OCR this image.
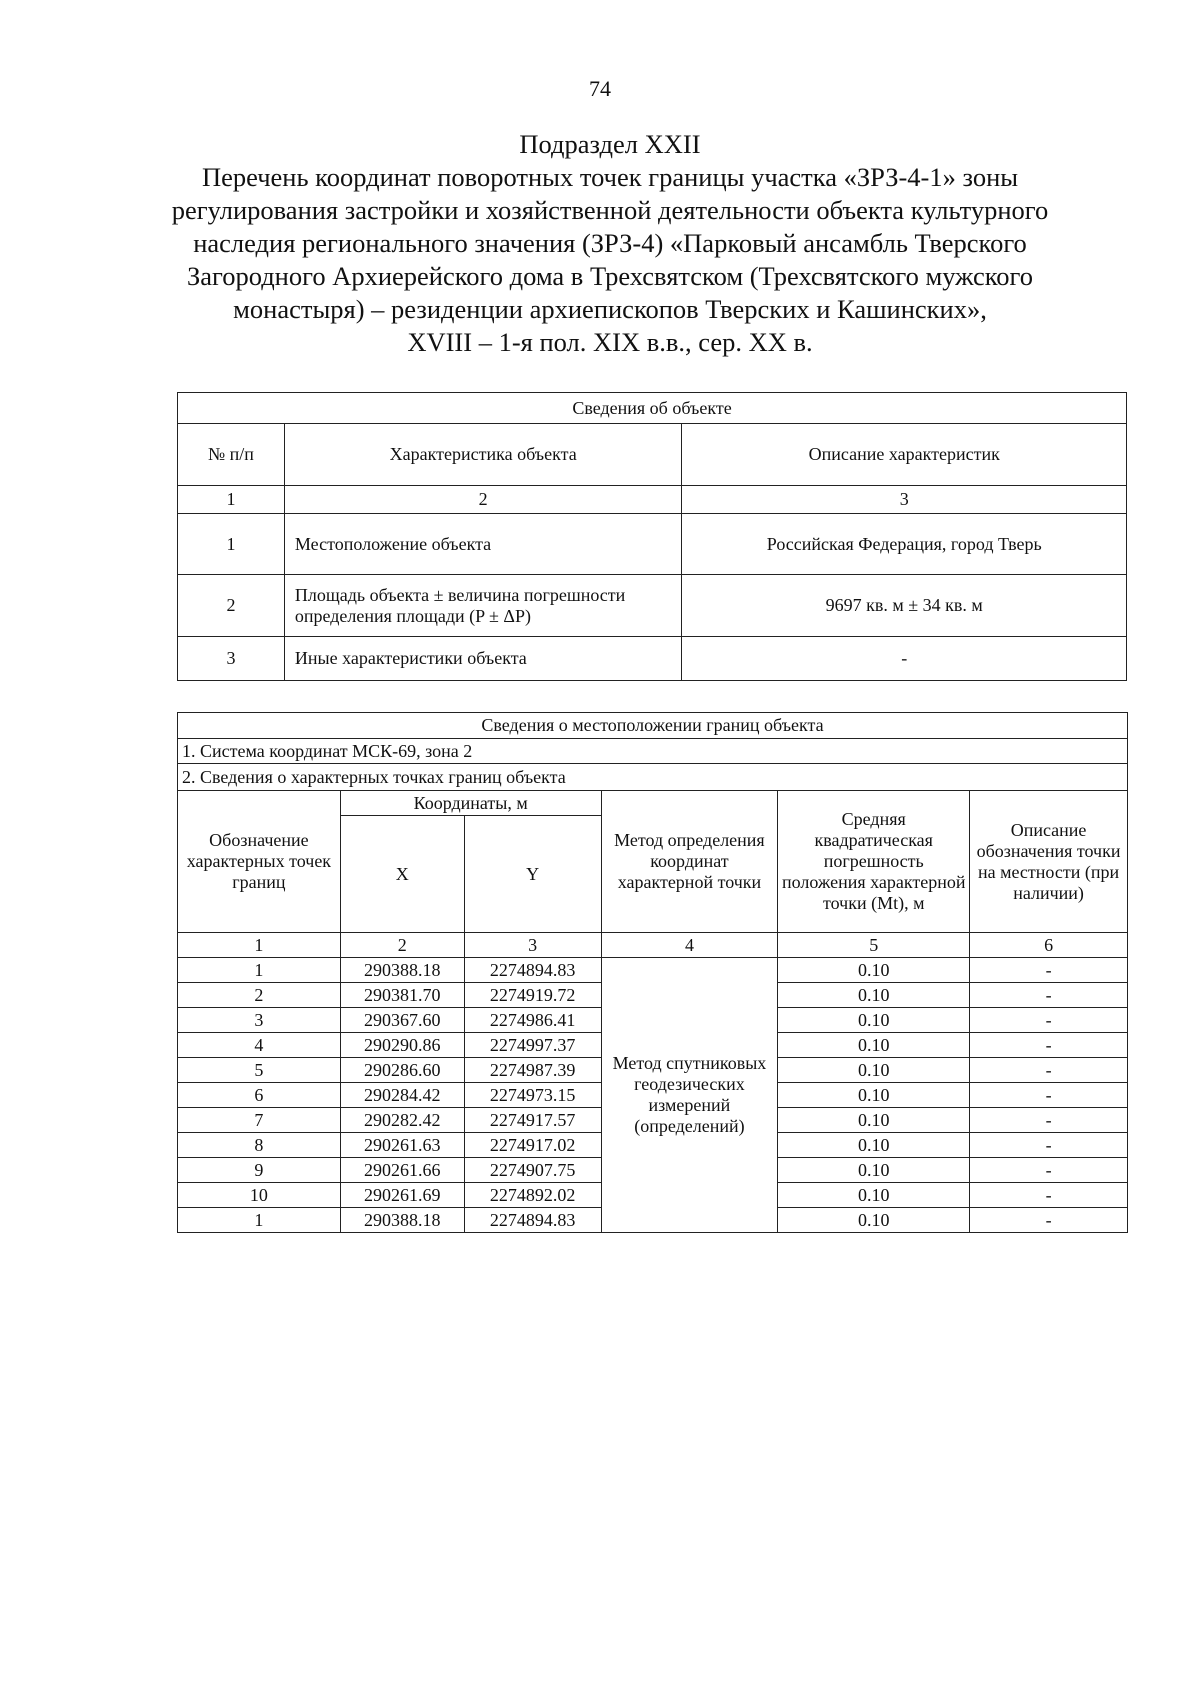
74
Подраздел XXII
Перечень координат поворотных точек границы участка «ЗРЗ-4-1» зоны
регулирования застройки и хозяйственной деятельности объекта культурного
наследия регионального значения (ЗРЗ-4) «Парковый ансамбль Тверского
Загородного Архиерейского дома в Трехсвятском (Трехсвятского мужского
монастыря) – резиденции архиепископов Тверских и Кашинских»,
XVIII – 1-я пол. XIX в.в., сер. XX в.
Сведения об объекте		
№ п/п	Характеристика объекта	Описание характеристик
1	2	3
1	Местоположение объекта	Российская Федерация, город Тверь
2	Площадь объекта ± величина погрешности определения площади (P ± ΔP)	9697 кв. м ± 34 кв. м
3	Иные характеристики объекта	-
Сведения о местоположении границ объекта					
1. Система координат МСК-69, зона 2					
2. Сведения о характерных точках границ объекта					
Обозначение характерных точек границ	Координаты, м		Метод определения координат характерной точки	Средняя квадратическая погрешность положения характерной точки (Mt), м	Описание обозначения точки на местности (при наличии)
	X	Y			
1	2	3	4	5	6
1	290388.18	2274894.83	Метод спутниковых геодезических измерений (определений)	0.10	-
2	290381.70	2274919.72		0.10	-
3	290367.60	2274986.41		0.10	-
4	290290.86	2274997.37		0.10	-
5	290286.60	2274987.39		0.10	-
6	290284.42	2274973.15		0.10	-
7	290282.42	2274917.57		0.10	-
8	290261.63	2274917.02		0.10	-
9	290261.66	2274907.75		0.10	-
10	290261.69	2274892.02		0.10	-
1	290388.18	2274894.83		0.10	-
